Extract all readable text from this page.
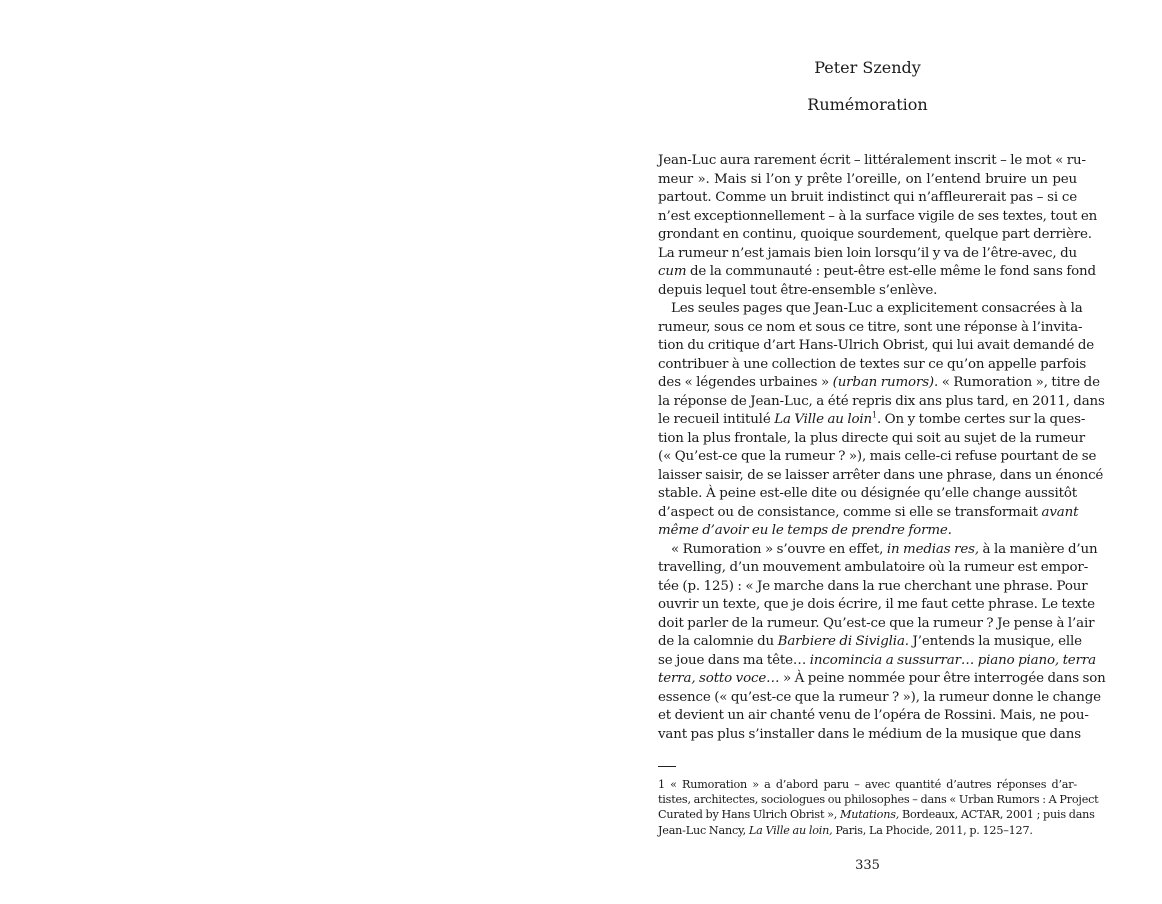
Peter Szendy
Rumémoration
Jean-Luc aura rarement écrit – littéralement inscrit – le mot « ru-
meur ». Mais si l’on y prête l’oreille, on l’entend bruire un peu
partout. Comme un bruit indistinct qui n’affleurerait pas – si ce
n’est exceptionnellement – à la surface vigile de ses textes, tout en
grondant en continu, quoique sourdement, quelque part derrière.
La rumeur n’est jamais bien loin lorsqu’il y va de l’être-avec, du
cum de la communauté : peut-être est-elle même le fond sans fond
depuis lequel tout être-ensemble s’enlève.
Les seules pages que Jean-Luc a explicitement consacrées à la
rumeur, sous ce nom et sous ce titre, sont une réponse à l’invita-
tion du critique d’art Hans-Ulrich Obrist, qui lui avait demandé de
contribuer à une collection de textes sur ce qu’on appelle parfois
des « légendes urbaines » (urban rumors). « Rumoration », titre de
la réponse de Jean-Luc, a été repris dix ans plus tard, en 2011, dans
le recueil intitulé La Ville au loin$^1$. On y tombe certes sur la ques-
tion la plus frontale, la plus directe qui soit au sujet de la rumeur
(« Qu’est-ce que la rumeur ? »), mais celle-ci refuse pourtant de se
laisser saisir, de se laisser arrêter dans une phrase, dans un énoncé
stable. À peine est-elle dite ou désignée qu’elle change aussitôt
d’aspect ou de consistance, comme si elle se transformait avant
même d’avoir eu le temps de prendre forme.
« Rumoration » s’ouvre en effet, in medias res, à la manière d’un
travelling, d’un mouvement ambulatoire où la rumeur est empor-
tée (p. 125) : « Je marche dans la rue cherchant une phrase. Pour
ouvrir un texte, que je dois écrire, il me faut cette phrase. Le texte
doit parler de la rumeur. Qu’est-ce que la rumeur ? Je pense à l’air
de la calomnie du Barbiere di Siviglia. J’entends la musique, elle
se joue dans ma tête… incomincia a sussurrar… piano piano, terra
terra, sotto voce… » À peine nommée pour être interrogée dans son
essence (« qu’est-ce que la rumeur ? »), la rumeur donne le change
et devient un air chanté venu de l’opéra de Rossini. Mais, ne pou-
vant pas plus s’installer dans le médium de la musique que dans
1 « Rumoration » a d’abord paru – avec quantité d’autres réponses d’ar-
tistes, architectes, sociologues ou philosophes – dans « Urban Rumors : A Project
Curated by Hans Ulrich Obrist », Mutations, Bordeaux, ACTAR, 2001 ; puis dans
Jean-Luc Nancy, La Ville au loin, Paris, La Phocide, 2011, p. 125–127.
335
